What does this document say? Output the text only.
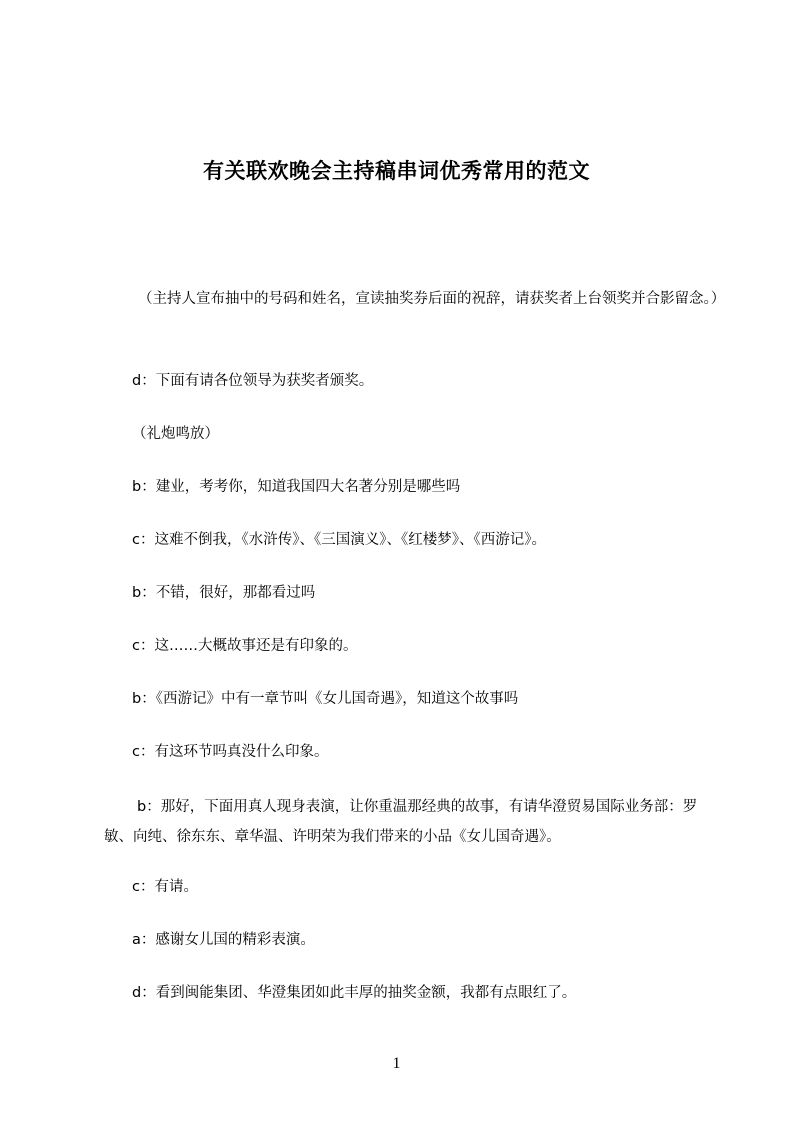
有关联欢晚会主持稿串词优秀常用的范文

（主持人宣布抽中的号码和姓名，宣读抽奖券后面的祝辞，请获奖者上台领奖并合影留念。）

d：下面有请各位领导为获奖者颁奖。

（礼炮鸣放）

b：建业，考考你，知道我国四大名著分别是哪些吗

c：这难不倒我，《水浒传》、《三国演义》、《红楼梦》、《西游记》。

b：不错，很好，那都看过吗

c：这……大概故事还是有印象的。

b：《西游记》中有一章节叫《女儿国奇遇》，知道这个故事吗

c：有这环节吗真没什么印象。

b：那好，下面用真人现身表演，让你重温那经典的故事，有请华澄贸易国际业务部：罗敏、向纯、徐东东、章华温、许明荣为我们带来的小品《女儿国奇遇》。

c：有请。

a：感谢女儿国的精彩表演。

d：看到闽能集团、华澄集团如此丰厚的抽奖金额，我都有点眼红了。

1
